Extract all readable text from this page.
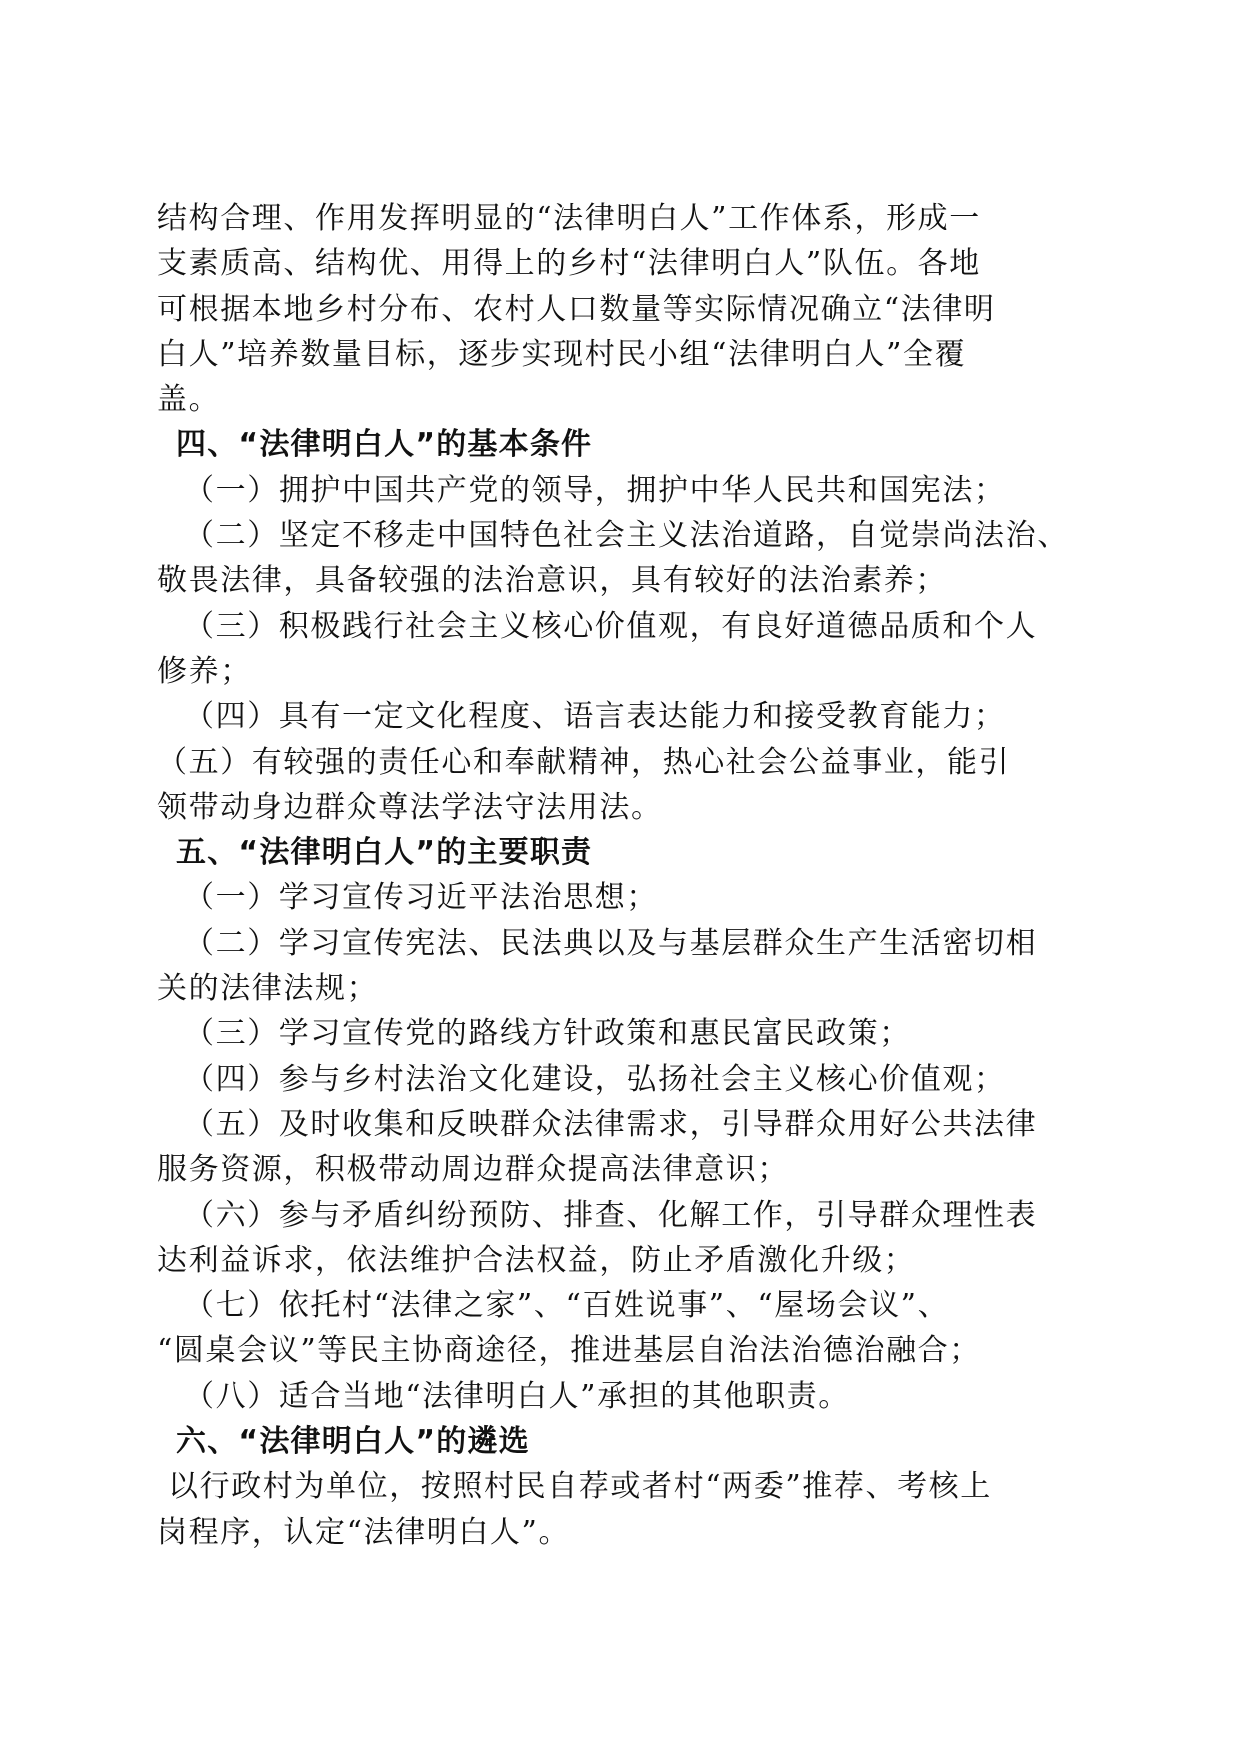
结构合理、作用发挥明显的“法律明白人”工作体系，形成一
支素质高、结构优、用得上的乡村“法律明白人”队伍。各地
可根据本地乡村分布、农村人口数量等实际情况确立“法律明
白人”培养数量目标，逐步实现村民小组“法律明白人”全覆
盖。
四、“法律明白人”的基本条件
（一）拥护中国共产党的领导，拥护中华人民共和国宪法；
（二）坚定不移走中国特色社会主义法治道路，自觉崇尚法治、
敬畏法律，具备较强的法治意识，具有较好的法治素养；
（三）积极践行社会主义核心价值观，有良好道德品质和个人
修养；
（四）具有一定文化程度、语言表达能力和接受教育能力；
（五）有较强的责任心和奉献精神，热心社会公益事业，能引
领带动身边群众尊法学法守法用法。
五、“法律明白人”的主要职责
（一）学习宣传习近平法治思想；
（二）学习宣传宪法、民法典以及与基层群众生产生活密切相
关的法律法规；
（三）学习宣传党的路线方针政策和惠民富民政策；
（四）参与乡村法治文化建设，弘扬社会主义核心价值观；
（五）及时收集和反映群众法律需求，引导群众用好公共法律
服务资源，积极带动周边群众提高法律意识；
（六）参与矛盾纠纷预防、排查、化解工作，引导群众理性表
达利益诉求，依法维护合法权益，防止矛盾激化升级；
（七）依托村“法律之家”、“百姓说事”、“屋场会议”、
“圆桌会议”等民主协商途径，推进基层自治法治德治融合；
（八）适合当地“法律明白人”承担的其他职责。
六、“法律明白人”的遴选
以行政村为单位，按照村民自荐或者村“两委”推荐、考核上
岗程序，认定“法律明白人”。
